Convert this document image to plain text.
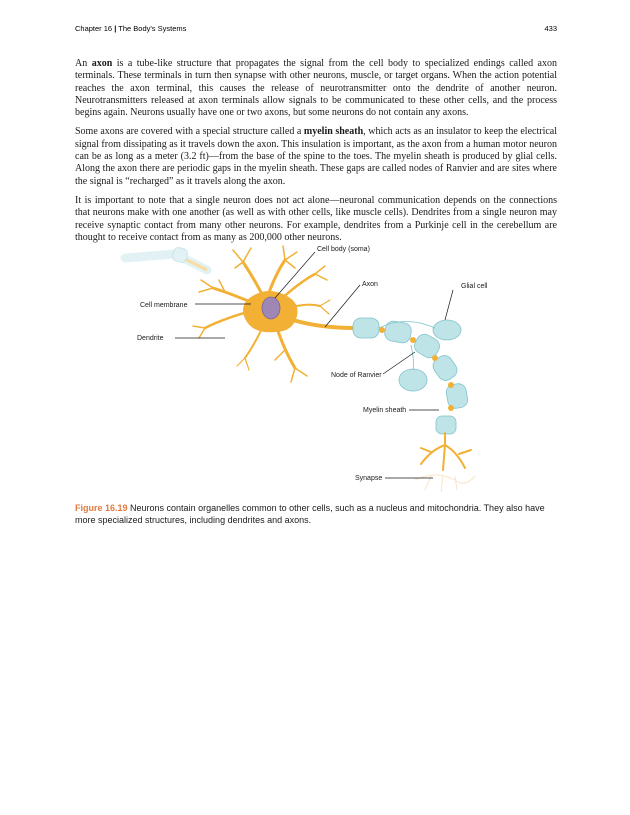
Chapter 16 | The Body's Systems	433

An axon is a tube-like structure that propagates the signal from the cell body to specialized endings called axon terminals. These terminals in turn then synapse with other neurons, muscle, or target organs. When the action potential reaches the axon terminal, this causes the release of neurotransmitter onto the dendrite of another neuron. Neurotransmitters released at axon terminals allow signals to be communicated to these other cells, and the process begins again. Neurons usually have one or two axons, but some neurons do not contain any axons.

Some axons are covered with a special structure called a myelin sheath, which acts as an insulator to keep the electrical signal from dissipating as it travels down the axon. This insulation is important, as the axon from a human motor neuron can be as long as a meter (3.2 ft)—from the base of the spine to the toes. The myelin sheath is produced by glial cells. Along the axon there are periodic gaps in the myelin sheath. These gaps are called nodes of Ranvier and are sites where the signal is “recharged” as it travels along the axon.

It is important to note that a single neuron does not act alone—neuronal communication depends on the connections that neurons make with one another (as well as with other cells, like muscle cells). Dendrites from a single neuron may receive synaptic contact from many other neurons. For example, dendrites from a Purkinje cell in the cerebellum are thought to receive contact from as many as 200,000 other neurons.

Cell body (soma)
Axon	Glial cell
Cell membrane
Dendrite
Node of Ranvier
Myelin sheath
Synapse
Figure 16.19 Neurons contain organelles common to other cells, such as a nucleus and mitochondria. They also have more specialized structures, including dendrites and axons.
